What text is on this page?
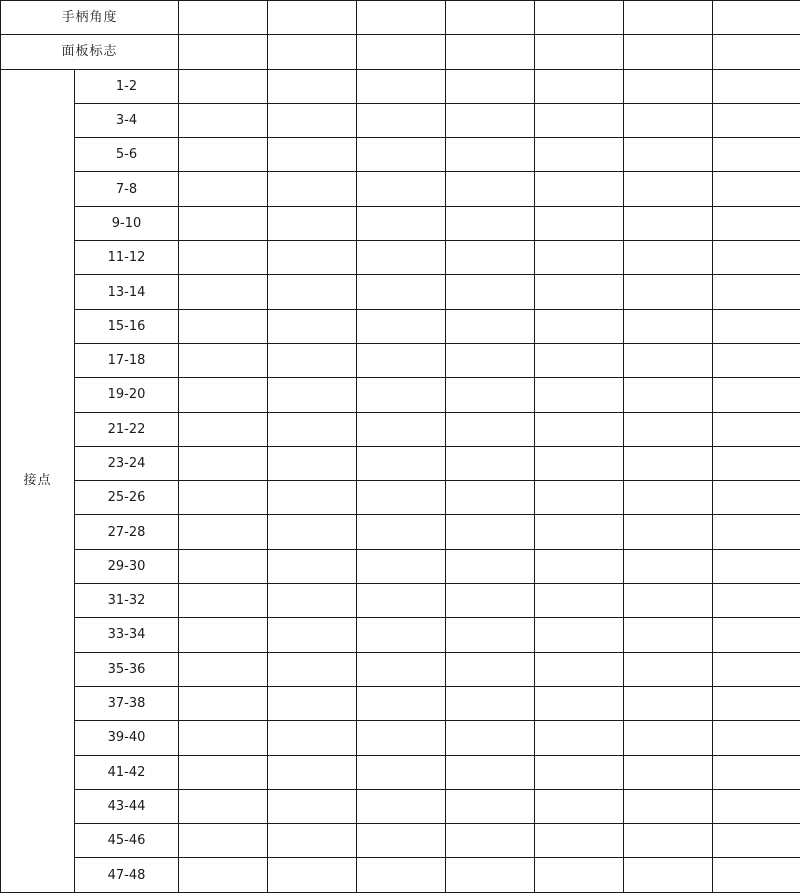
手柄角度								
面板标志								
接点	1-2							
	3-4							
	5-6							
	7-8							
	9-10							
	11-12							
	13-14							
	15-16							
	17-18							
	19-20							
	21-22							
	23-24							
	25-26							
	27-28							
	29-30							
	31-32							
	33-34							
	35-36							
	37-38							
	39-40							
	41-42							
	43-44							
	45-46							
	47-48							
